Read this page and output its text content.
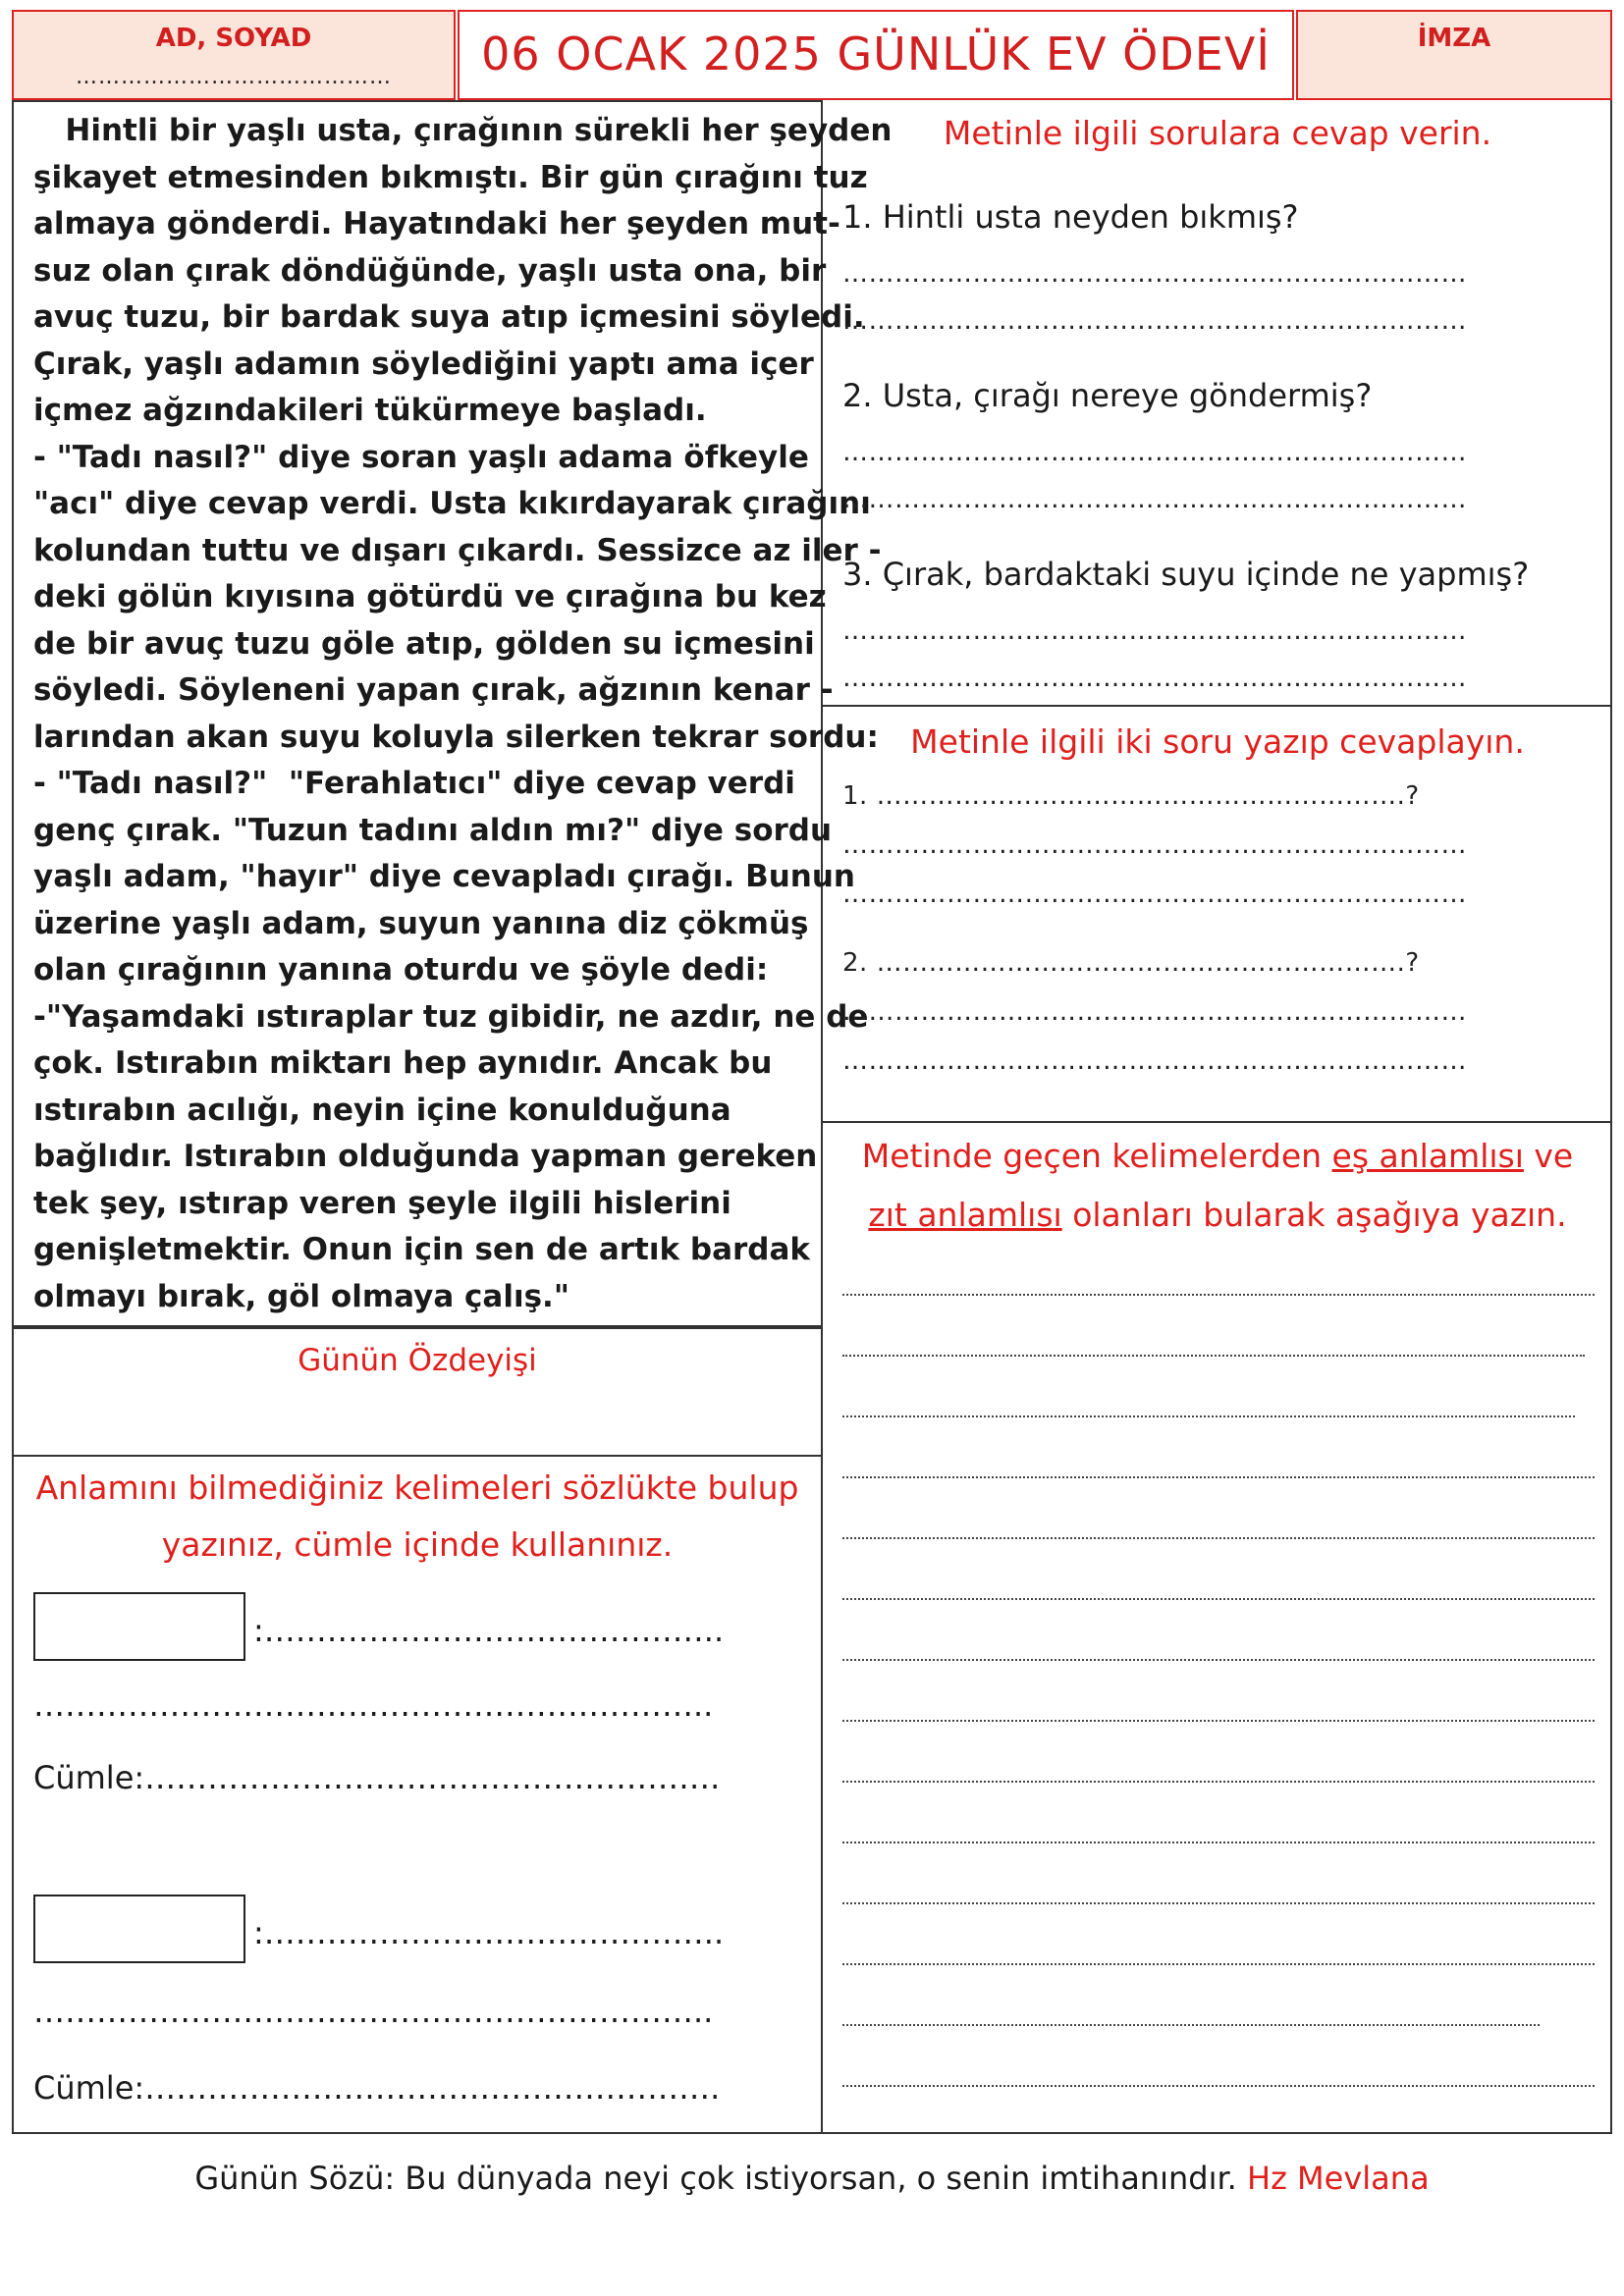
AD, SOYAD
……………………………………	06 OCAK 2025 GÜNLÜK EV ÖDEVİ	İMZA
Hintli bir yaşlı usta, çırağının sürekli her şeyden
şikayet etmesinden bıkmıştı. Bir gün çırağını tuz
almaya gönderdi. Hayatındaki her şeyden mut-
suz olan çırak döndüğünde, yaşlı usta ona, bir
avuç tuzu, bir bardak suya atıp içmesini söyledi.
Çırak, yaşlı adamın söylediğini yaptı ama içer
içmez ağzındakileri tükürmeye başladı.
- "Tadı nasıl?" diye soran yaşlı adama öfkeyle
"acı" diye cevap verdi. Usta kıkırdayarak çırağını
kolundan tuttu ve dışarı çıkardı. Sessizce az iler -
deki gölün kıyısına götürdü ve çırağına bu kez
de bir avuç tuzu göle atıp, gölden su içmesini
söyledi. Söyleneni yapan çırak, ağzının kenar -
larından akan suyu koluyla silerken tekrar sordu:
- "Tadı nasıl?"  "Ferahlatıcı" diye cevap verdi
genç çırak. "Tuzun tadını aldın mı?" diye sordu
yaşlı adam, "hayır" diye cevapladı çırağı. Bunun
üzerine yaşlı adam, suyun yanına diz çökmüş
olan çırağının yanına oturdu ve şöyle dedi:
-"Yaşamdaki ıstıraplar tuz gibidir, ne azdır, ne de
çok. Istırabın miktarı hep aynıdır. Ancak bu
ıstırabın acılığı, neyin içine konulduğuna
bağlıdır. Istırabın olduğunda yapman gereken
tek şey, ıstırap veren şeyle ilgili hislerini
genişletmektir. Onun için sen de artık bardak
olmayı bırak, göl olmaya çalış."
Günün Özdeyişi
Anlamını bilmediğiniz kelimeleri sözlükte bulup
yazınız, cümle içinde kullanınız.
:……………………………………..
………………………………………………………..
Cümle:……………………………………………….
:……………………………………..
………………………………………………………..
Cümle:……………………………………………….
Metinle ilgili sorulara cevap verin.
1. Hintli usta neyden bıkmış?
………………………………………………………………
………………………………………………………………
2. Usta, çırağı nereye göndermiş?
………………………………………………………………
………………………………………………………………
3. Çırak, bardaktaki suyu içinde ne yapmış?
………………………………………………………………
………………………………………………………………
Metinle ilgili iki soru yazıp cevaplayın.
1. …………………………………………………….?
………………………………………………………………
………………………………………………………………
2. …………………………………………………….?
………………………………………………………………
………………………………………………………………
Metinde geçen kelimelerden eş anlamlısı ve
zıt anlamlısı olanları bularak aşağıya yazın.
Günün Sözü: Bu dünyada neyi çok istiyorsan, o senin imtihanındır. Hz Mevlana
